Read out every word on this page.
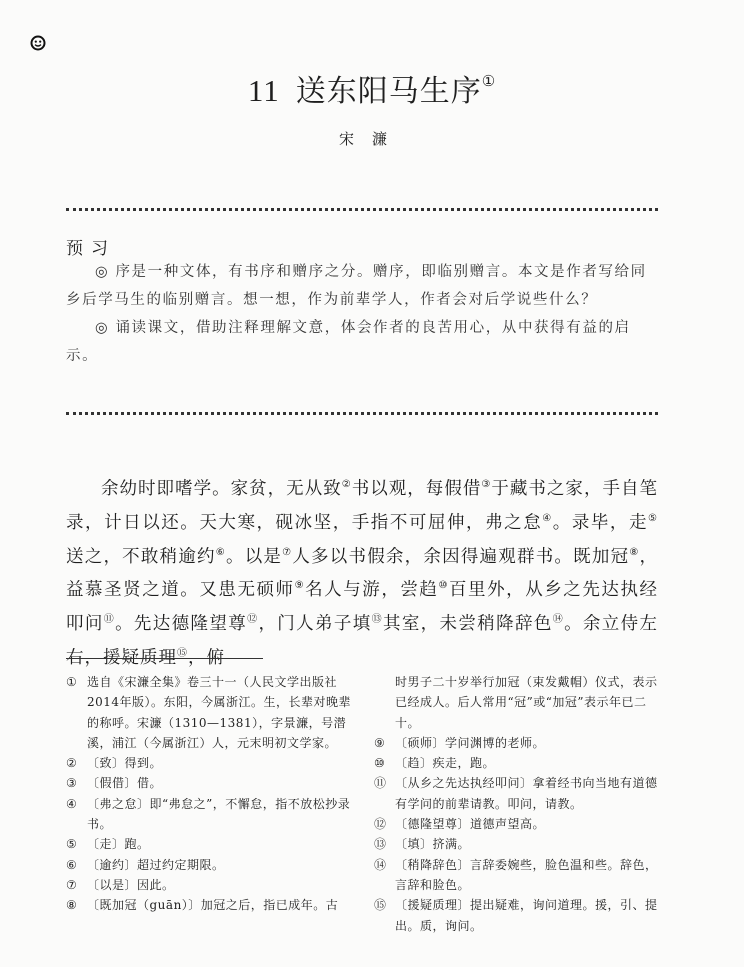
11 送东阳马生序①
宋濂
预习

◎ 序是一种文体，有书序和赠序之分。赠序，即临别赠言。本文是作者写给同乡后学马生的临别赠言。想一想，作为前辈学人，作者会对后学说些什么？

◎ 诵读课文，借助注释理解文意，体会作者的良苦用心，从中获得有益的启示。

余幼时即嗜学。家贫，无从致②书以观，每假借③于藏书之家，手自笔录，计日以还。天大寒，砚冰坚，手指不可屈伸，弗之怠④。录毕，走⑤送之，不敢稍逾约⑥。以是⑦人多以书假余，余因得遍观群书。既加冠⑧，益慕圣贤之道。又患无硕师⑨名人与游，尝趋⑩百里外，从乡之先达执经叩问⑪。先达德隆望尊⑫，门人弟子填⑬其室，未尝稍降辞色⑭。余立侍左右，援疑质理⑮，俯

① 选自《宋濂全集》卷三十一（人民文学出版社2014年版）。东阳，今属浙江。生，长辈对晚辈的称呼。宋濂（1310—1381），字景濂，号潜溪，浦江（今属浙江）人，元末明初文学家。
② 〔致〕得到。
③ 〔假借〕借。
④ 〔弗之怠〕即“弗怠之”，不懈怠，指不放松抄录书。
⑤ 〔走〕跑。
⑥ 〔逾约〕超过约定期限。
⑦ 〔以是〕因此。
⑧ 〔既加冠（guān）〕加冠之后，指已成年。古
时男子二十岁举行加冠（束发戴帽）仪式，表示已经成人。后人常用“冠”或“加冠”表示年已二十。
⑨ 〔硕师〕学问渊博的老师。
⑩ 〔趋〕疾走，跑。
⑪ 〔从乡之先达执经叩问〕拿着经书向当地有道德有学问的前辈请教。叩问，请教。
⑫ 〔德隆望尊〕道德声望高。
⑬ 〔填〕挤满。
⑭ 〔稍降辞色〕言辞委婉些，脸色温和些。辞色，言辞和脸色。
⑮ 〔援疑质理〕提出疑难，询问道理。援，引、提出。质，询问。
